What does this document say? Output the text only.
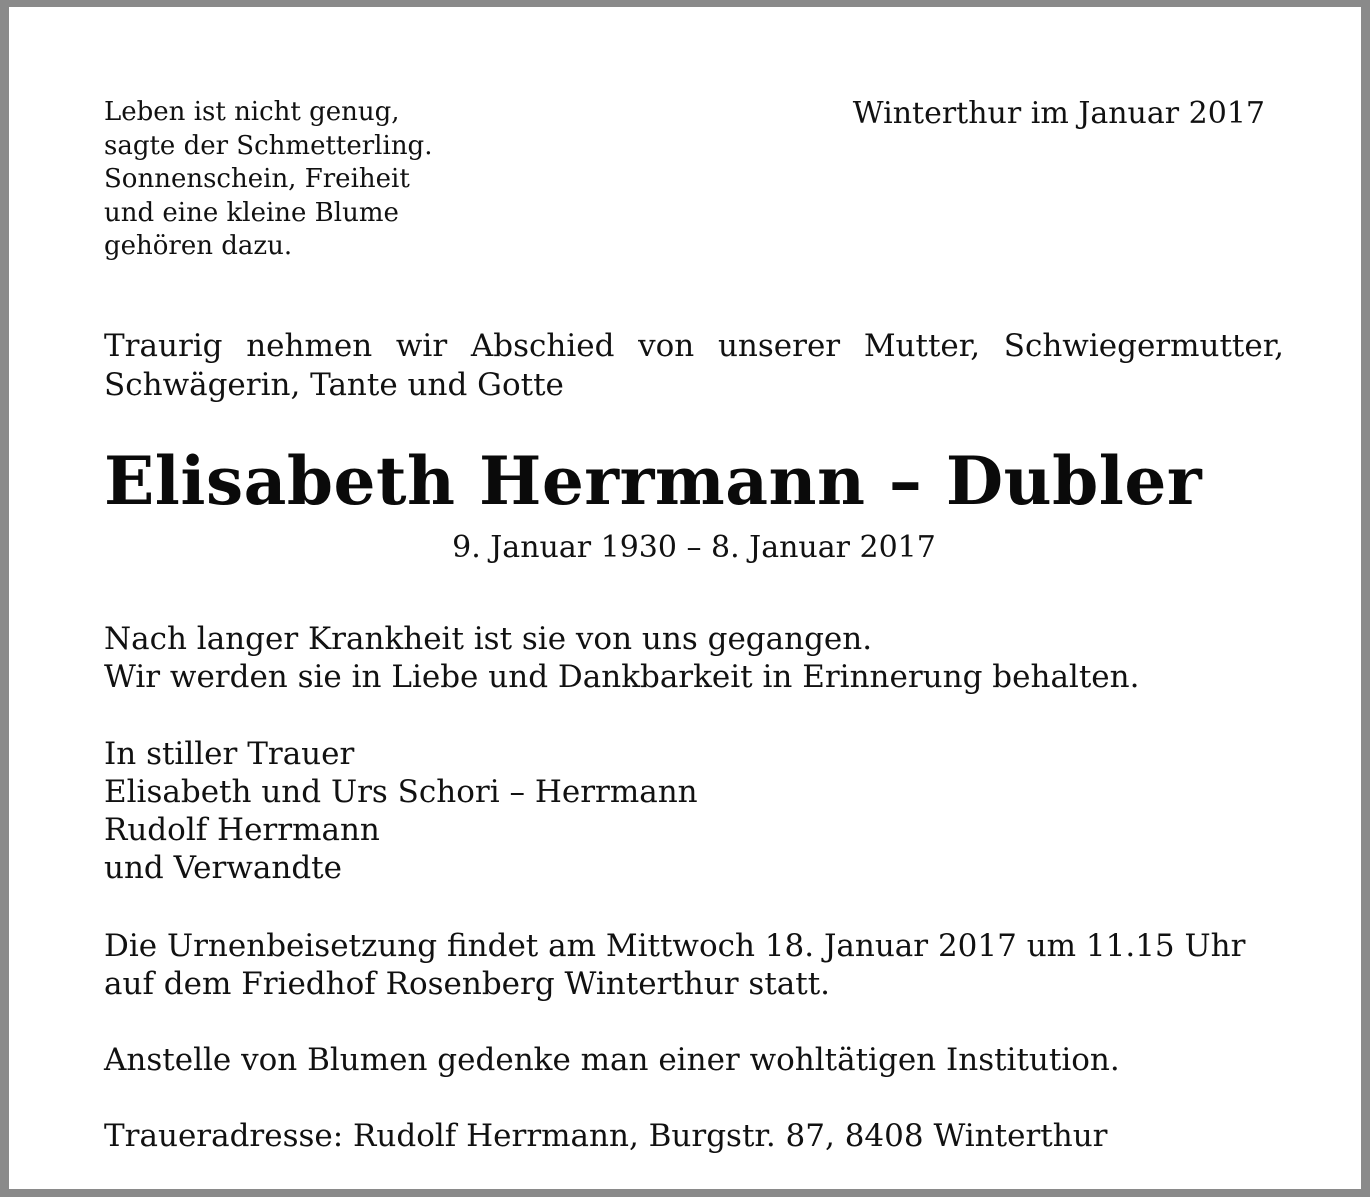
Leben ist nicht genug,
sagte der Schmetterling.
Sonnenschein, Freiheit
und eine kleine Blume
gehören dazu.
Winterthur im Januar 2017
Traurig nehmen wir Abschied von unserer Mutter, Schwiegermutter,
Schwägerin, Tante und Gotte
Elisabeth Herrmann – Dubler
9. Januar 1930 – 8. Januar 2017
Nach langer Krankheit ist sie von uns gegangen.
Wir werden sie in Liebe und Dankbarkeit in Erinnerung behalten.
In stiller Trauer
Elisabeth und Urs Schori – Herrmann
Rudolf Herrmann
und Verwandte
Die Urnenbeisetzung findet am Mittwoch 18. Januar 2017 um 11.15 Uhr
auf dem Friedhof Rosenberg Winterthur statt.
Anstelle von Blumen gedenke man einer wohltätigen Institution.
Traueradresse: Rudolf Herrmann, Burgstr. 87, 8408 Winterthur
